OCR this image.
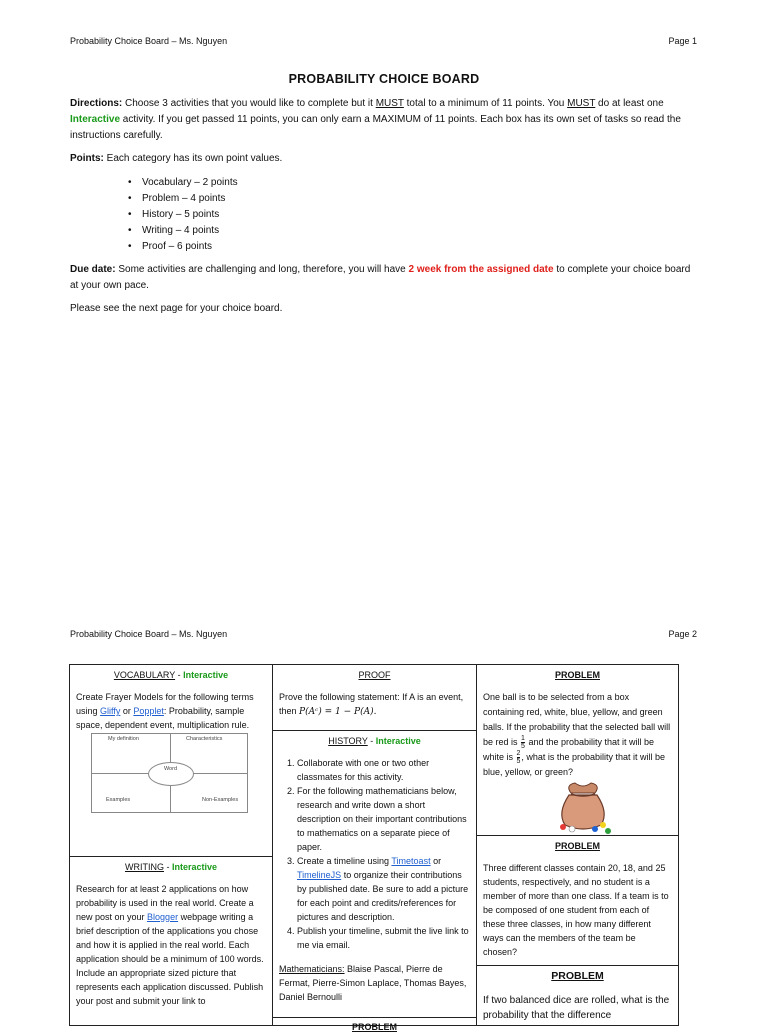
Probability Choice Board – Ms. Nguyen	Page 1
PROBABILITY CHOICE BOARD
Directions: Choose 3 activities that you would like to complete but it MUST total to a minimum of 11 points. You MUST do at least one Interactive activity. If you get passed 11 points, you can only earn a MAXIMUM of 11 points. Each box has its own set of tasks so read the instructions carefully.
Points: Each category has its own point values.
• Vocabulary – 2 points
• Problem – 4 points
• History – 5 points
• Writing – 4 points
• Proof – 6 points
Due date: Some activities are challenging and long, therefore, you will have 2 week from the assigned date to complete your choice board at your own pace.
Please see the next page for your choice board.
Probability Choice Board – Ms. Nguyen	Page 2
VOCABULARY - Interactive
Create Frayer Models for the following terms using Gliffy or Popplet: Probability, sample space, dependent event, multiplication rule.
My definition	Characteristics
Examples	Non-Examples
Word
WRITING - Interactive
Research for at least 2 applications on how probability is used in the real world. Create a new post on your Blogger webpage writing a brief description of the applications you chose and how it is applied in the real world. Each application should be a minimum of 100 words. Include an appropriate sized picture that represents each application discussed. Publish your post and submit your link to
PROOF
Prove the following statement: If A is an event, then P(Aᶜ) = 1 − P(A).
HISTORY - Interactive
1. Collaborate with one or two other classmates for this activity.
2. For the following mathematicians below, research and write down a short description on their important contributions to mathematics on a separate piece of paper.
3. Create a timeline using Timetoast or TimelineJS to organize their contributions by published date. Be sure to add a picture for each point and credits/references for pictures and description.
4. Publish your timeline, submit the live link to me via email.
Mathematicians: Blaise Pascal, Pierre de Fermat, Pierre-Simon Laplace, Thomas Bayes, Daniel Bernoulli
PROBLEM
PROBLEM
One ball is to be selected from a box containing red, white, blue, yellow, and green balls. If the probability that the selected ball will be red is $\frac{1}{5}$ and the probability that it will be white is $\frac{2}{5}$ , what is the probability that it will be blue, yellow, or green?
PROBLEM
Three different classes contain 20, 18, and 25 students, respectively, and no student is a member of more than one class. If a team is to be composed of one student from each of these three classes, in how many different ways can the members of the team be chosen?
PROBLEM
If two balanced dice are rolled, what is the probability that the difference
